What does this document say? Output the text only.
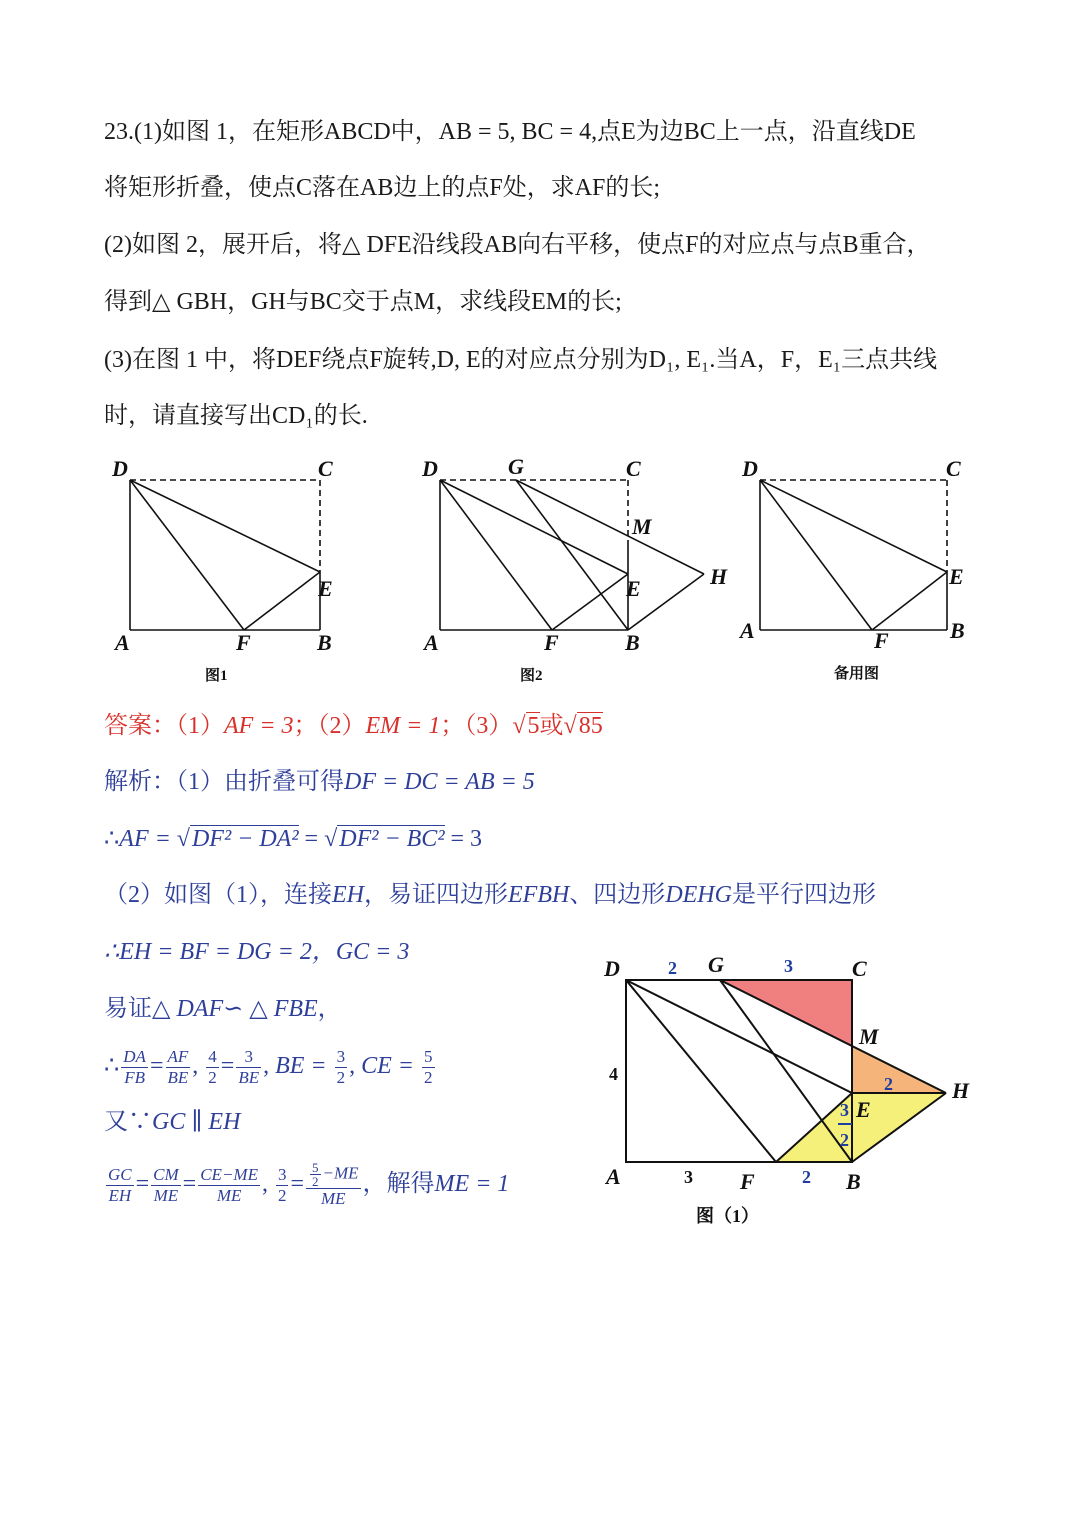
23.(1)如图 1，在矩形ABCD中，AB = 5, BC = 4,点E为边BC上一点，沿直线DE
将矩形折叠，使点C落在AB边上的点F处，求AF的长;
(2)如图 2，展开后，将△ DFE沿线段AB向右平移，使点F的对应点与点B重合，
得到△ GBH，GH与BC交于点M，求线段EM的长;
(3)在图 1 中，将DEF绕点F旋转,D, E的对应点分别为D₁, E₁.当A，F，E₁三点共线
时，请直接写出CD₁的长.
D	C
E
A	F	B
图1
D	G	C
M
E	H
A	F	B
图2
D	C
E
A	F	B
备用图
答案：（1）AF = 3；（2）EM = 1；（3）√5或√85
解析：（1）由折叠可得DF = DC = AB = 5
∴AF = √DF² − DA² = √DF² − BC² = 3
（2）如图（1），连接EH，易证四边形EFBH、四边形DEHG是平行四边形
∴EH = BF = DG = 2，GC = 3
易证△ DAF∽ △ FBE，
∴ $\frac{DA}{FB} = \frac{AF}{BE}$ , $\frac{4}{2} = \frac{3}{BE}$ , BE = $\frac{3}{2}$ , CE = $\frac{5}{2}$
又∵GC ∥ EH
$\frac{GC}{EH} = \frac{CM}{ME} = \frac{CE-ME}{ME}$ , $\frac{3}{2} = \frac{\frac{5}{2} -ME}{ME}$ ，解得ME = 1
D	G	C
M
E
H
A	F	B
2	3
4
3	2
2
3
2
图（1）
